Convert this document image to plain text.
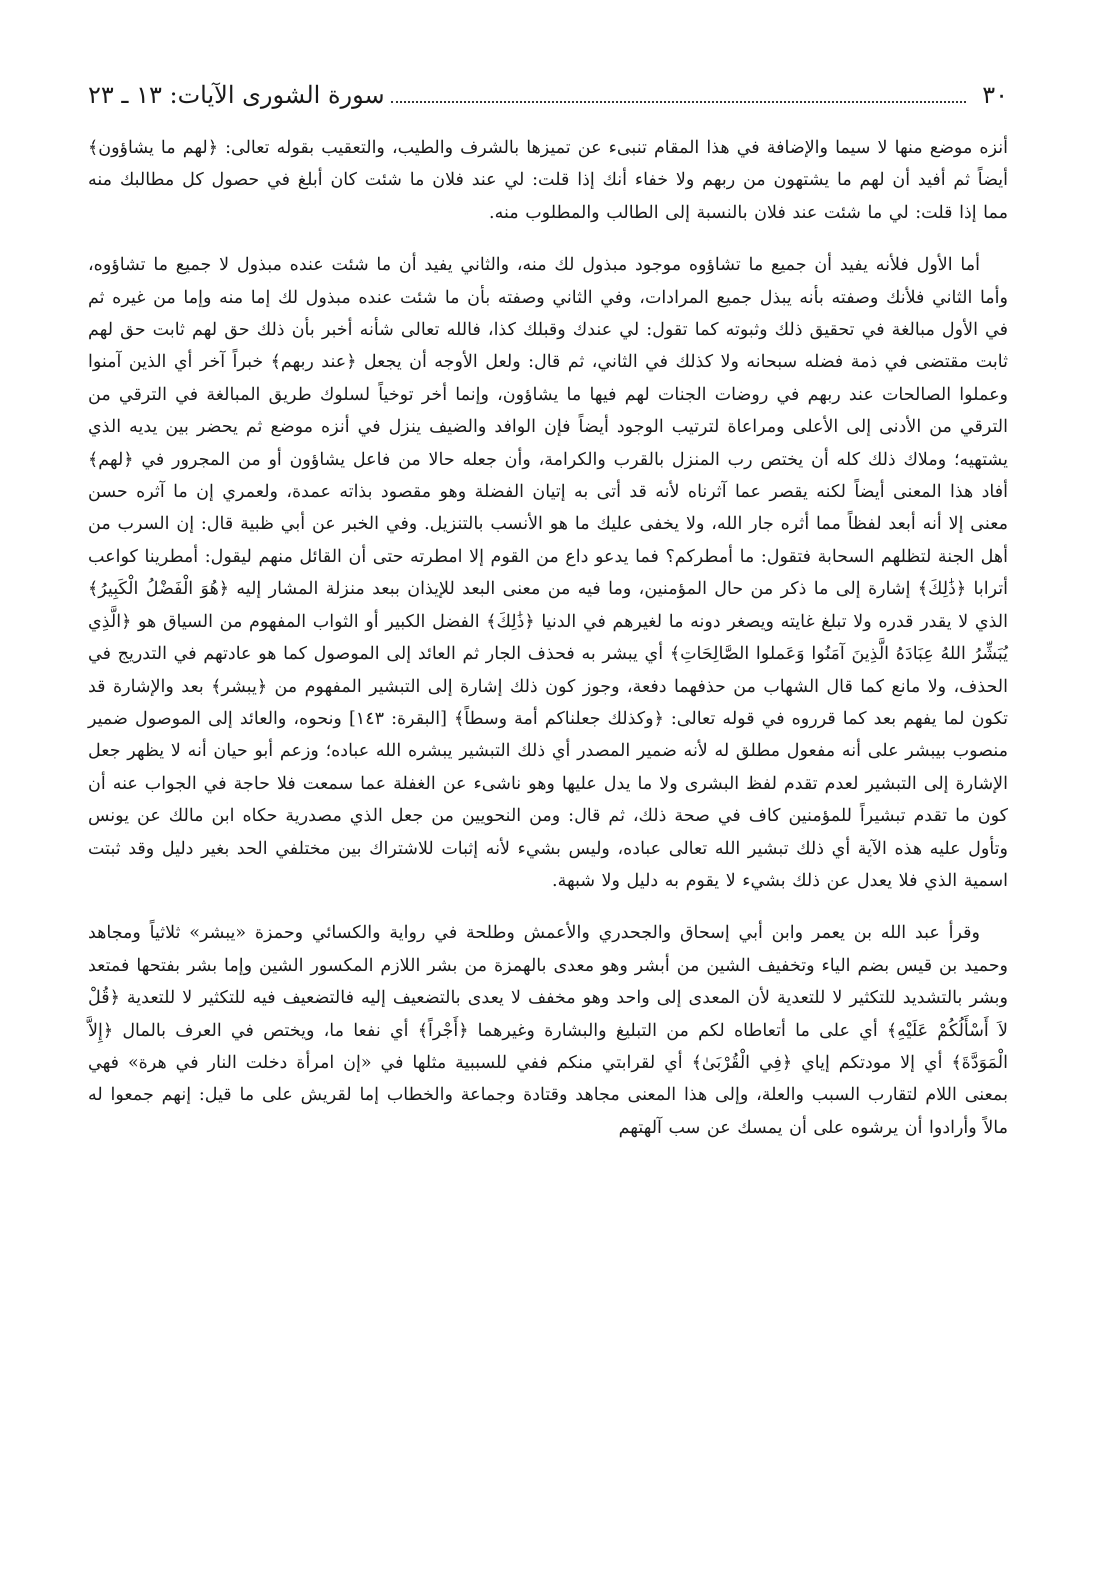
٣٠
سورة الشورى الآيات: ١٣ ـ ٢٣

أنزه موضع منها لا سيما والإضافة في هذا المقام تنبىء عن تميزها بالشرف والطيب، والتعقيب بقوله تعالى: ﴿لهم ما يشاؤون﴾ أيضاً ثم أفيد أن لهم ما يشتهون من ربهم ولا خفاء أنك إذا قلت: لي عند فلان ما شئت كان أبلغ في حصول كل مطالبك منه مما إذا قلت: لي ما شئت عند فلان بالنسبة إلى الطالب والمطلوب منه.

أما الأول فلأنه يفيد أن جميع ما تشاؤوه موجود مبذول لك منه، والثاني يفيد أن ما شئت عنده مبذول لا جميع ما تشاؤوه، وأما الثاني فلأنك وصفته بأنه يبذل جميع المرادات، وفي الثاني وصفته بأن ما شئت عنده مبذول لك إما منه وإما من غيره ثم في الأول مبالغة في تحقيق ذلك وثبوته كما تقول: لي عندك وقبلك كذا، فالله تعالى شأنه أخبر بأن ذلك حق لهم ثابت حق لهم ثابت مقتضى في ذمة فضله سبحانه ولا كذلك في الثاني، ثم قال: ولعل الأوجه أن يجعل ﴿عند ربهم﴾ خبراً آخر أي الذين آمنوا وعملوا الصالحات عند ربهم في روضات الجنات لهم فيها ما يشاؤون، وإنما أخر توخياً لسلوك طريق المبالغة في الترقي من الترقي من الأدنى إلى الأعلى ومراعاة لترتيب الوجود أيضاً فإن الوافد والضيف ينزل في أنزه موضع ثم يحضر بين يديه الذي يشتهيه؛ وملاك ذلك كله أن يختص رب المنزل بالقرب والكرامة، وأن جعله حالا من فاعل يشاؤون أو من المجرور في ﴿لهم﴾ أفاد هذا المعنى أيضاً لكنه يقصر عما آثرناه لأنه قد أتى به إتيان الفضلة وهو مقصود بذاته عمدة، ولعمري إن ما آثره حسن معنى إلا أنه أبعد لفظاً مما أثره جار الله، ولا يخفى عليك ما هو الأنسب بالتنزيل. وفي الخبر عن أبي ظبية قال: إن السرب من أهل الجنة لتظلهم السحابة فتقول: ما أمطركم؟ فما يدعو داع من القوم إلا امطرته حتى أن القائل منهم ليقول: أمطرينا كواعب أترابا ﴿ذَٰلِكَ﴾ إشارة إلى ما ذكر من حال المؤمنين، وما فيه من معنى البعد للإيذان ببعد منزلة المشار إليه ﴿هُوَ الْفَضْلُ الْكَبِيرُ﴾ الذي لا يقدر قدره ولا تبلغ غايته ويصغر دونه ما لغيرهم في الدنيا ﴿ذَٰلِكَ﴾ الفضل الكبير أو الثواب المفهوم من السياق هو ﴿الَّذِي يُبَشِّرُ اللهُ عِبَادَهُ الَّذِينَ آمَنُوا وَعَملوا الصَّالِحَاتِ﴾ أي يبشر به فحذف الجار ثم العائد إلى الموصول كما هو عادتهم في التدريج في الحذف، ولا مانع كما قال الشهاب من حذفهما دفعة، وجوز كون ذلك إشارة إلى التبشير المفهوم من ﴿يبشر﴾ بعد والإشارة قد تكون لما يفهم بعد كما قرروه في قوله تعالى: ﴿وكذلك جعلناكم أمة وسطاً﴾ [البقرة: ١٤٣] ونحوه، والعائد إلى الموصول ضمير منصوب بيبشر على أنه مفعول مطلق له لأنه ضمير المصدر أي ذلك التبشير يبشره الله عباده؛ وزعم أبو حيان أنه لا يظهر جعل الإشارة إلى التبشير لعدم تقدم لفظ البشرى ولا ما يدل عليها وهو ناشىء عن الغفلة عما سمعت فلا حاجة في الجواب عنه أن كون ما تقدم تبشيراً للمؤمنين كاف في صحة ذلك، ثم قال: ومن النحويين من جعل الذي مصدرية حكاه ابن مالك عن يونس وتأول عليه هذه الآية أي ذلك تبشير الله تعالى عباده، وليس بشيء لأنه إثبات للاشتراك بين مختلفي الحد بغير دليل وقد ثبتت اسمية الذي فلا يعدل عن ذلك بشيء لا يقوم به دليل ولا شبهة.

وقرأ عبد الله بن يعمر وابن أبي إسحاق والجحدري والأعمش وطلحة في رواية والكسائي وحمزة «يبشر» ثلاثياً ومجاهد وحميد بن قيس بضم الياء وتخفيف الشين من أبشر وهو معدى بالهمزة من بشر اللازم المكسور الشين وإما بشر بفتحها فمتعد وبشر بالتشديد للتكثير لا للتعدية لأن المعدى إلى واحد وهو مخفف لا يعدى بالتضعيف إليه فالتضعيف فيه للتكثير لا للتعدية ﴿قُلْ لاَ أَسْأَلُكُمْ عَلَيْهِ﴾ أي على ما أتعاطاه لكم من التبليغ والبشارة وغيرهما ﴿أَجْراً﴾ أي نفعا ما، ويختص في العرف بالمال ﴿إِلاَّ الْمَوَدَّةَ﴾ أي إلا مودتكم إياي ﴿فِي الْقُرْبَىٰ﴾ أي لقرابتي منكم ففي للسببية مثلها في «إن امرأة دخلت النار في هرة» فهي بمعنى اللام لتقارب السبب والعلة، وإلى هذا المعنى مجاهد وقتادة وجماعة والخطاب إما لقريش على ما قيل: إنهم جمعوا له مالاً وأرادوا أن يرشوه على أن يمسك عن سب آلهتهم
